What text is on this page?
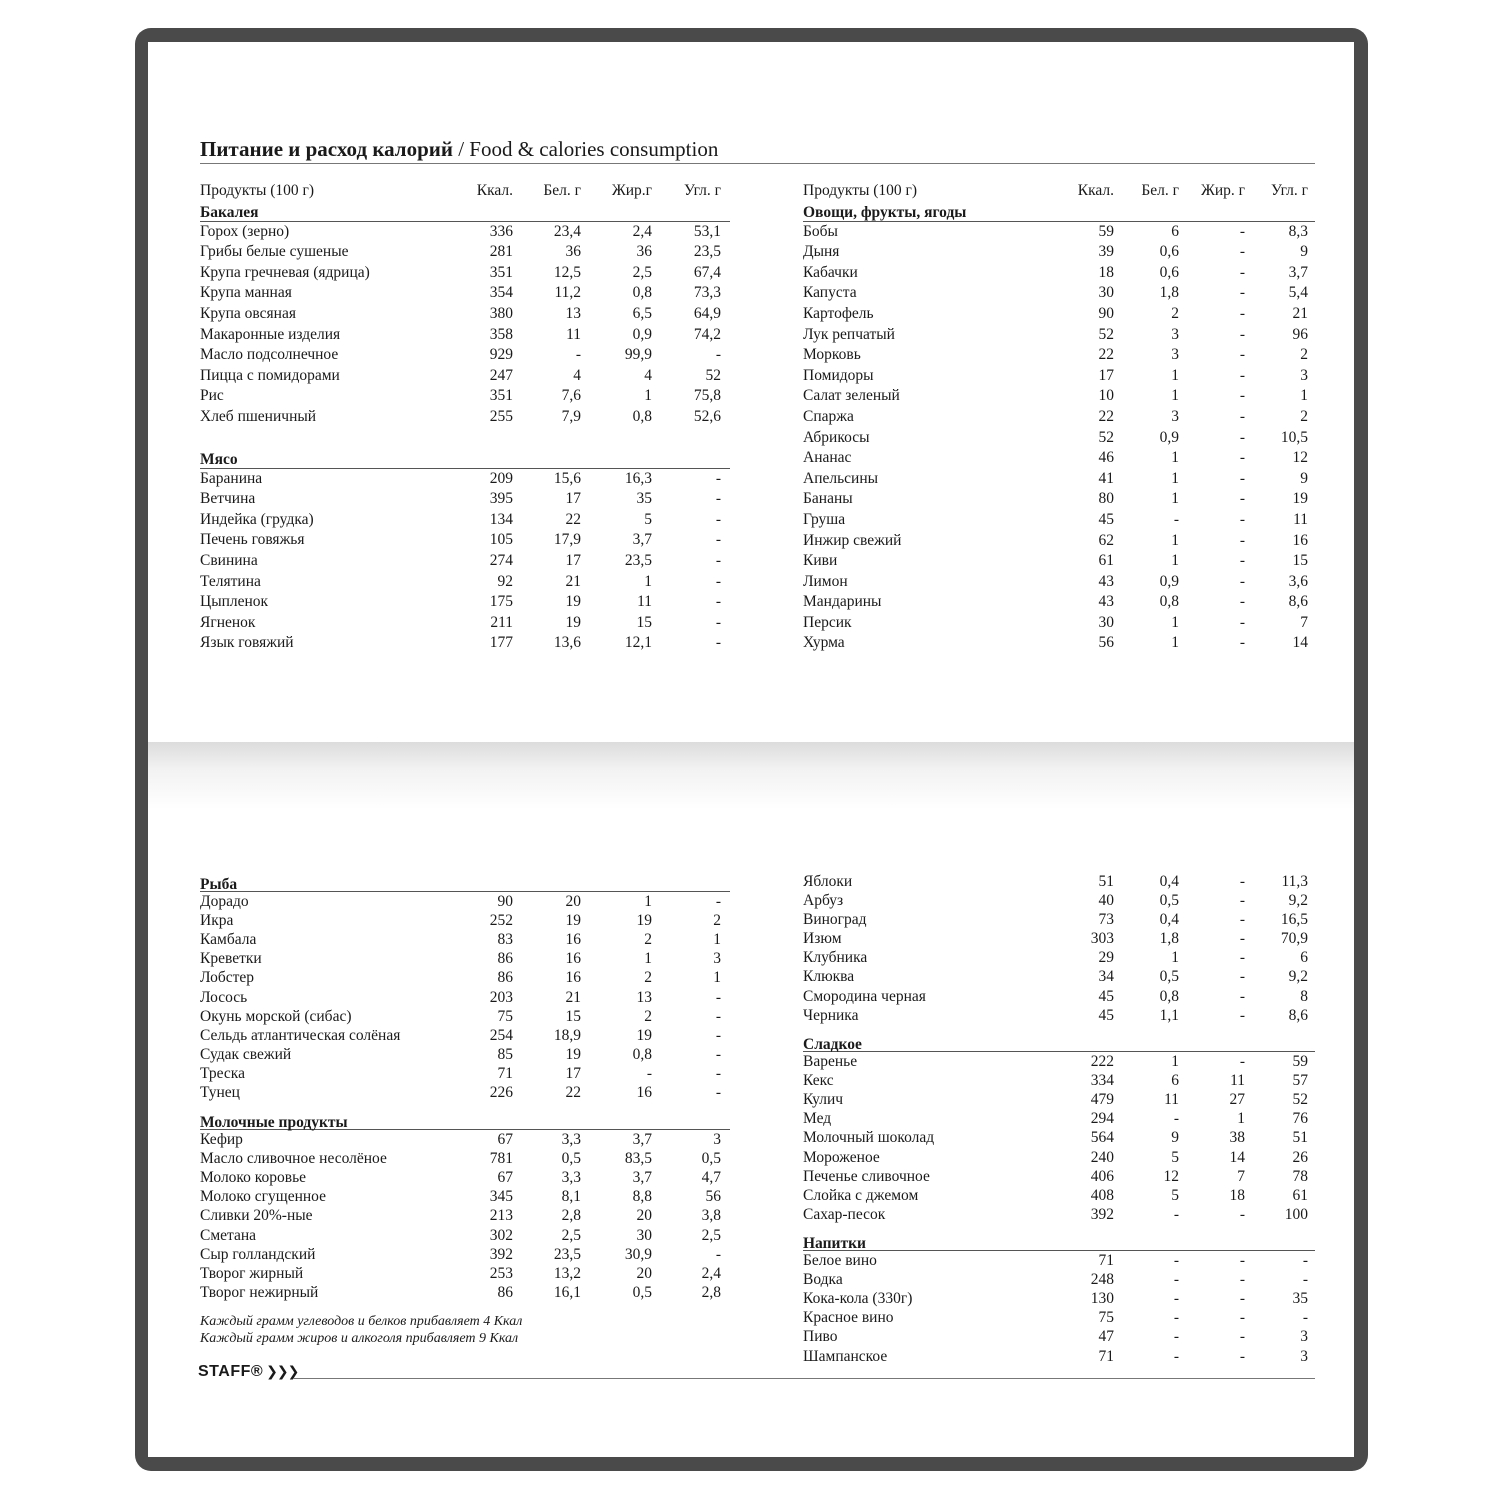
Питание и расход калорий / Food & calories consumption
Продукты (100 г)	Ккал.	Бел. г	Жир.г	Угл. г
Бакалея
Горох (зерно)	336	23,4	2,4	53,1
Грибы белые сушеные	281	36	36	23,5
Крупа гречневая (ядрица)	351	12,5	2,5	67,4
Крупа манная	354	11,2	0,8	73,3
Крупа овсяная	380	13	6,5	64,9
Макаронные изделия	358	11	0,9	74,2
Масло подсолнечное	929	-	99,9	-
Пицца с помидорами	247	4	4	52
Рис	351	7,6	1	75,8
Хлеб пшеничный	255	7,9	0,8	52,6
Мясо
Баранина	209	15,6	16,3	-
Ветчина	395	17	35	-
Индейка (грудка)	134	22	5	-
Печень говяжья	105	17,9	3,7	-
Свинина	274	17	23,5	-
Телятина	92	21	1	-
Цыпленок	175	19	11	-
Ягненок	211	19	15	-
Язык говяжий	177	13,6	12,1	-
Продукты (100 г)	Ккал.	Бел. г	Жир. г	Угл. г
Овощи, фрукты, ягоды
Бобы	59	6	-	8,3
Дыня	39	0,6	-	9
Кабачки	18	0,6	-	3,7
Капуста	30	1,8	-	5,4
Картофель	90	2	-	21
Лук репчатый	52	3	-	96
Морковь	22	3	-	2
Помидоры	17	1	-	3
Салат зеленый	10	1	-	1
Спаржа	22	3	-	2
Абрикосы	52	0,9	-	10,5
Ананас	46	1	-	12
Апельсины	41	1	-	9
Бананы	80	1	-	19
Груша	45	-	-	11
Инжир свежий	62	1	-	16
Киви	61	1	-	15
Лимон	43	0,9	-	3,6
Мандарины	43	0,8	-	8,6
Персик	30	1	-	7
Хурма	56	1	-	14
Рыба
Дорадо	90	20	1	-
Икра	252	19	19	2
Камбала	83	16	2	1
Креветки	86	16	1	3
Лобстер	86	16	2	1
Лосось	203	21	13	-
Окунь морской (сибас)	75	15	2	-
Сельдь атлантическая солёная	254	18,9	19	-
Судак свежий	85	19	0,8	-
Треска	71	17	-	-
Тунец	226	22	16	-
Молочные продукты
Кефир	67	3,3	3,7	3
Масло сливочное несолёное	781	0,5	83,5	0,5
Молоко коровье	67	3,3	3,7	4,7
Молоко сгущенное	345	8,1	8,8	56
Сливки 20%-ные	213	2,8	20	3,8
Сметана	302	2,5	30	2,5
Сыр голландский	392	23,5	30,9	-
Творог жирный	253	13,2	20	2,4
Творог нежирный	86	16,1	0,5	2,8
Яблоки	51	0,4	-	11,3
Арбуз	40	0,5	-	9,2
Виноград	73	0,4	-	16,5
Изюм	303	1,8	-	70,9
Клубника	29	1	-	6
Клюква	34	0,5	-	9,2
Смородина черная	45	0,8	-	8
Черника	45	1,1	-	8,6
Сладкое
Варенье	222	1	-	59
Кекс	334	6	11	57
Кулич	479	11	27	52
Мед	294	-	1	76
Молочный шоколад	564	9	38	51
Мороженое	240	5	14	26
Печенье сливочное	406	12	7	78
Слойка с джемом	408	5	18	61
Сахар-песок	392	-	-	100
Напитки
Белое вино	71	-	-	-
Водка	248	-	-	-
Кока-кола (330г)	130	-	-	35
Красное вино	75	-	-	-
Пиво	47	-	-	3
Шампанское	71	-	-	3
Каждый грамм углеводов и белков прибавляет 4 Ккал
Каждый грамм жиров и алкоголя прибавляет 9 Ккал
STAFF® ❯❯❯
